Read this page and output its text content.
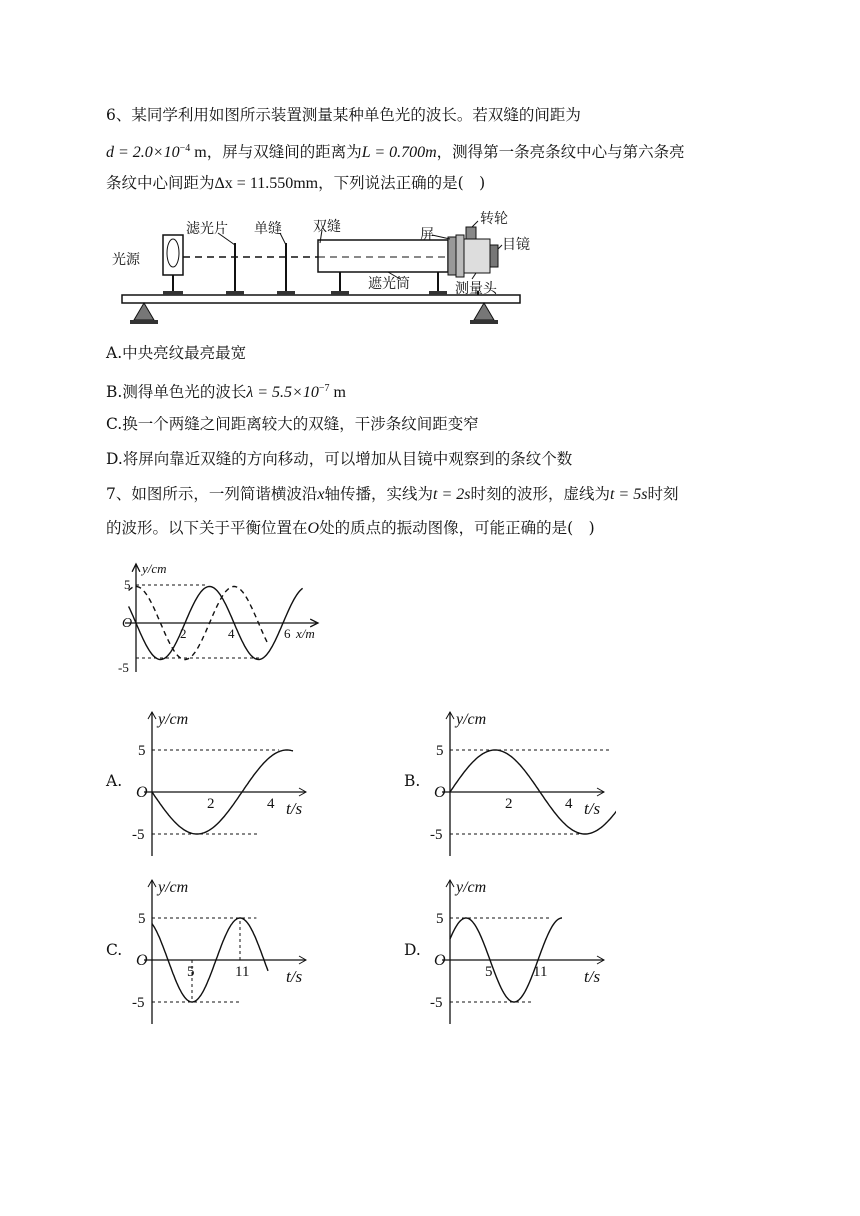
6、某同学利用如图所示装置测量某种单色光的波长。若双缝的间距为
$d = 2.0\times 10^{-4}$ m，屏与双缝间的距离为L = 0.700m，测得第一条亮条纹中心与第六条亮
条纹中心间距为Δx = 11.550mm，下列说法正确的是(　)
光源
滤光片 单缝 双缝	屏
转轮
目镜
遮光筒	测量头
A.中央亮纹最亮最宽
B.测得单色光的波长$\lambda = 5.5\times 10^{-7}$ m
C.换一个两缝之间距离较大的双缝，干涉条纹间距变窄
D.将屏向靠近双缝的方向移动，可以增加从目镜中观察到的条纹个数
7、如图所示，一列简谐横波沿x轴传播，实线为t = 2s时刻的波形，虚线为t = 5s时刻
的波形。以下关于平衡位置在O处的质点的振动图像，可能正确的是(　)
y/cm
x/m
O
5
-5
2	4	6
A.	B.
C.	D.
y/cm
t/s
O
5
-5
2	4
y/cm
t/s
O
5
-5
2	4
y/cm
t/s
O
5
-5
5	11
y/cm
t/s
O
5
-5
5	11
